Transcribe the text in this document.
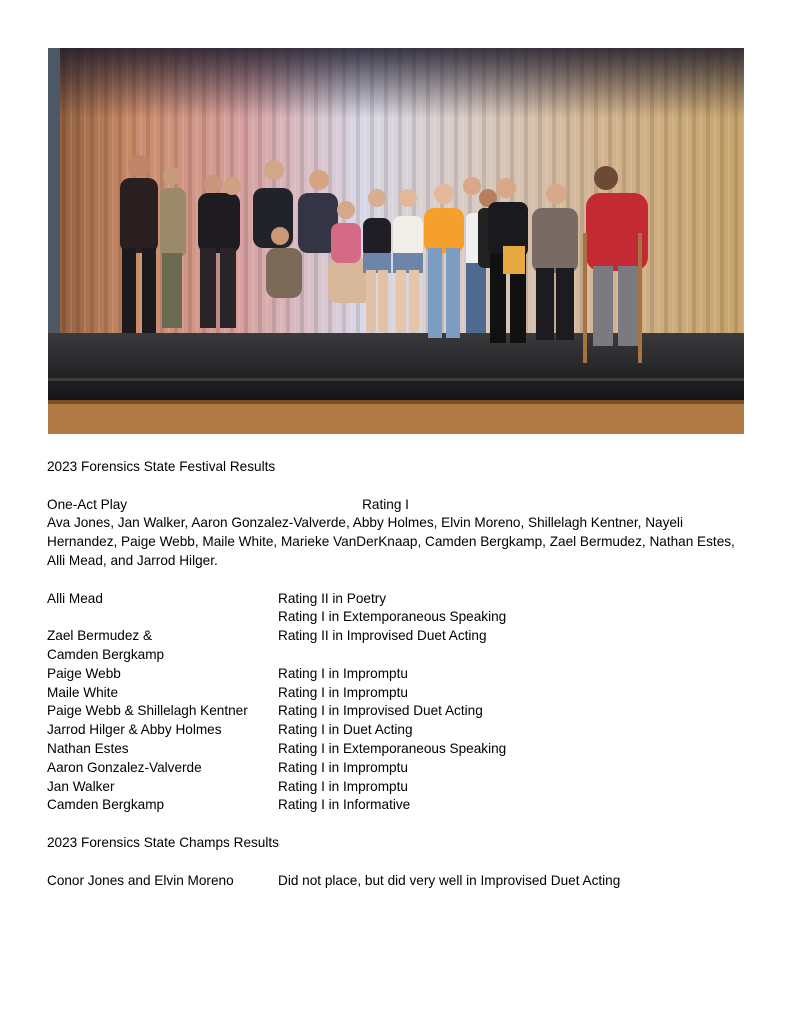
2023 Forensics State Festival Results
One-Act Play	Rating I
Ava Jones, Jan Walker, Aaron Gonzalez-Valverde, Abby Holmes, Elvin Moreno, Shillelagh Kentner, Nayeli Hernandez, Paige Webb, Maile White, Marieke VanDerKnaap, Camden Bergkamp, Zael Bermudez, Nathan Estes, Alli Mead, and Jarrod Hilger.
Alli Mead	Rating II in Poetry
Rating I in Extemporaneous Speaking
Zael Bermudez &	Rating II in Improvised Duet Acting
Camden Bergkamp
Paige Webb	Rating I in Impromptu
Maile White	Rating I in Impromptu
Paige Webb & Shillelagh Kentner	Rating I in Improvised Duet Acting
Jarrod Hilger & Abby Holmes	Rating I in Duet Acting
Nathan Estes	Rating I in Extemporaneous Speaking
Aaron Gonzalez-Valverde	Rating I in Impromptu
Jan Walker	Rating I in Impromptu
Camden Bergkamp	Rating I in Informative
2023 Forensics State Champs Results
Conor Jones and Elvin Moreno	Did not place, but did very well in Improvised Duet Acting
